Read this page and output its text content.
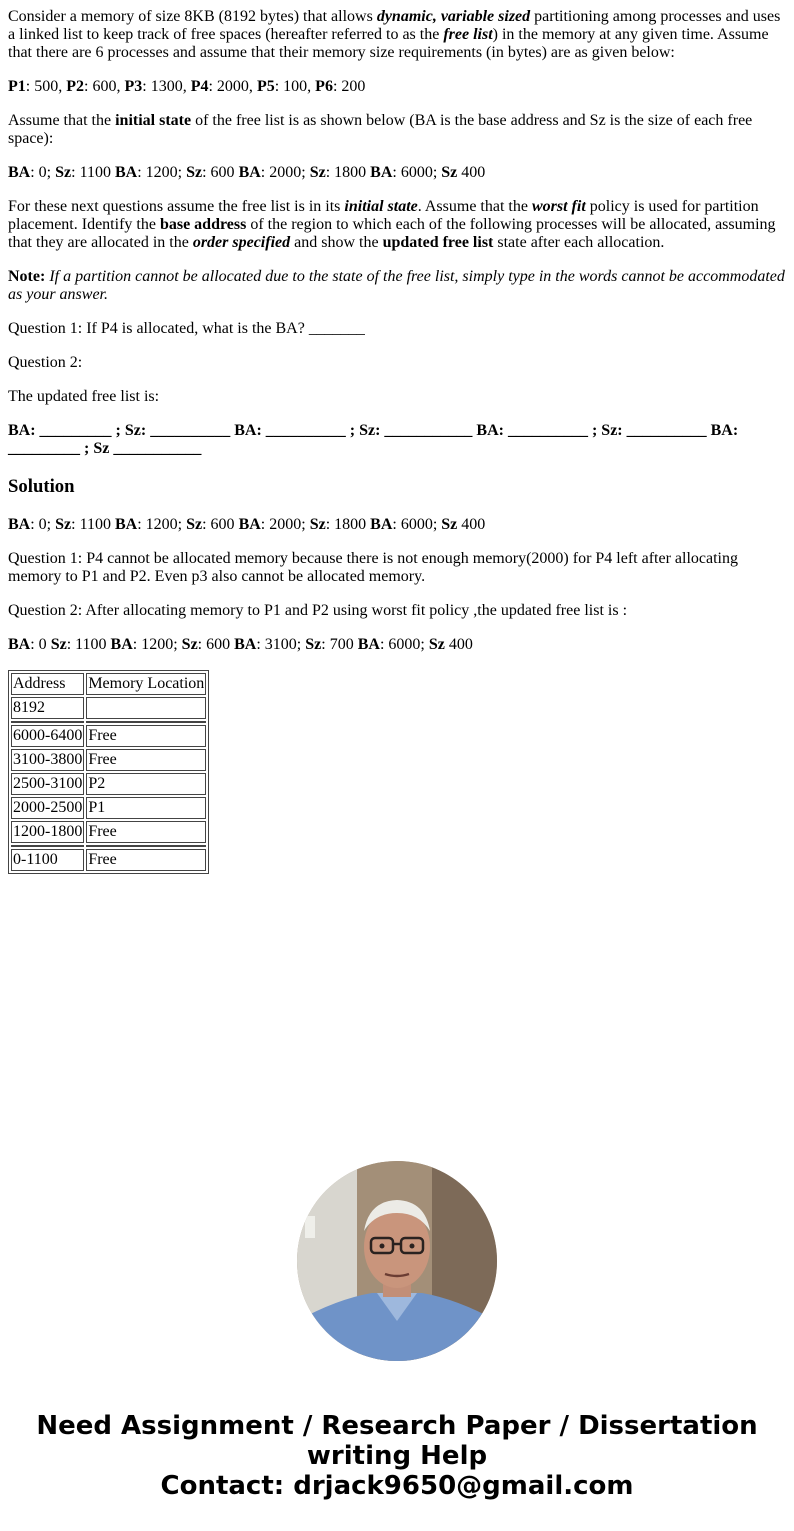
Consider a memory of size 8KB (8192 bytes) that allows dynamic, variable sized partitioning among processes and uses a linked list to keep track of free spaces (hereafter referred to as the free list) in the memory at any given time. Assume that there are 6 processes and assume that their memory size requirements (in bytes) are as given below:

P1: 500, P2: 600, P3: 1300, P4: 2000, P5: 100, P6: 200

Assume that the initial state of the free list is as shown below (BA is the base address and Sz is the size of each free space):

BA: 0; Sz: 1100 BA: 1200; Sz: 600 BA: 2000; Sz: 1800 BA: 6000; Sz 400

For these next questions assume the free list is in its initial state. Assume that the worst fit policy is used for partition placement. Identify the base address of the region to which each of the following processes will be allocated, assuming that they are allocated in the order specified and show the updated free list state after each allocation.

Note: If a partition cannot be allocated due to the state of the free list, simply type in the words cannot be accommodated as your answer.

Question 1: If P4 is allocated, what is the BA? _______

Question 2:

The updated free list is:

BA: _________ ; Sz: __________ BA: __________ ; Sz: ___________ BA: __________ ; Sz: __________ BA: _________ ; Sz ___________

Solution

BA: 0; Sz: 1100 BA: 1200; Sz: 600 BA: 2000; Sz: 1800 BA: 6000; Sz 400

Question 1: P4 cannot be allocated memory because there is not enough memory(2000) for P4 left after allocating memory to P1 and P2. Even p3 also cannot be allocated memory.

Question 2: After allocating memory to P1 and P2 using worst fit policy ,the updated free list is :

BA: 0 Sz: 1100 BA: 1200; Sz: 600 BA: 3100; Sz: 700 BA: 6000; Sz 400

Address	Memory Location
8192	

6000-6400	Free
3100-3800	Free
2500-3100	P2
2000-2500	P1
1200-1800	Free

0-1100	Free
Need Assignment / Research Paper / Dissertation writing Help
Contact: drjack9650@gmail.com
